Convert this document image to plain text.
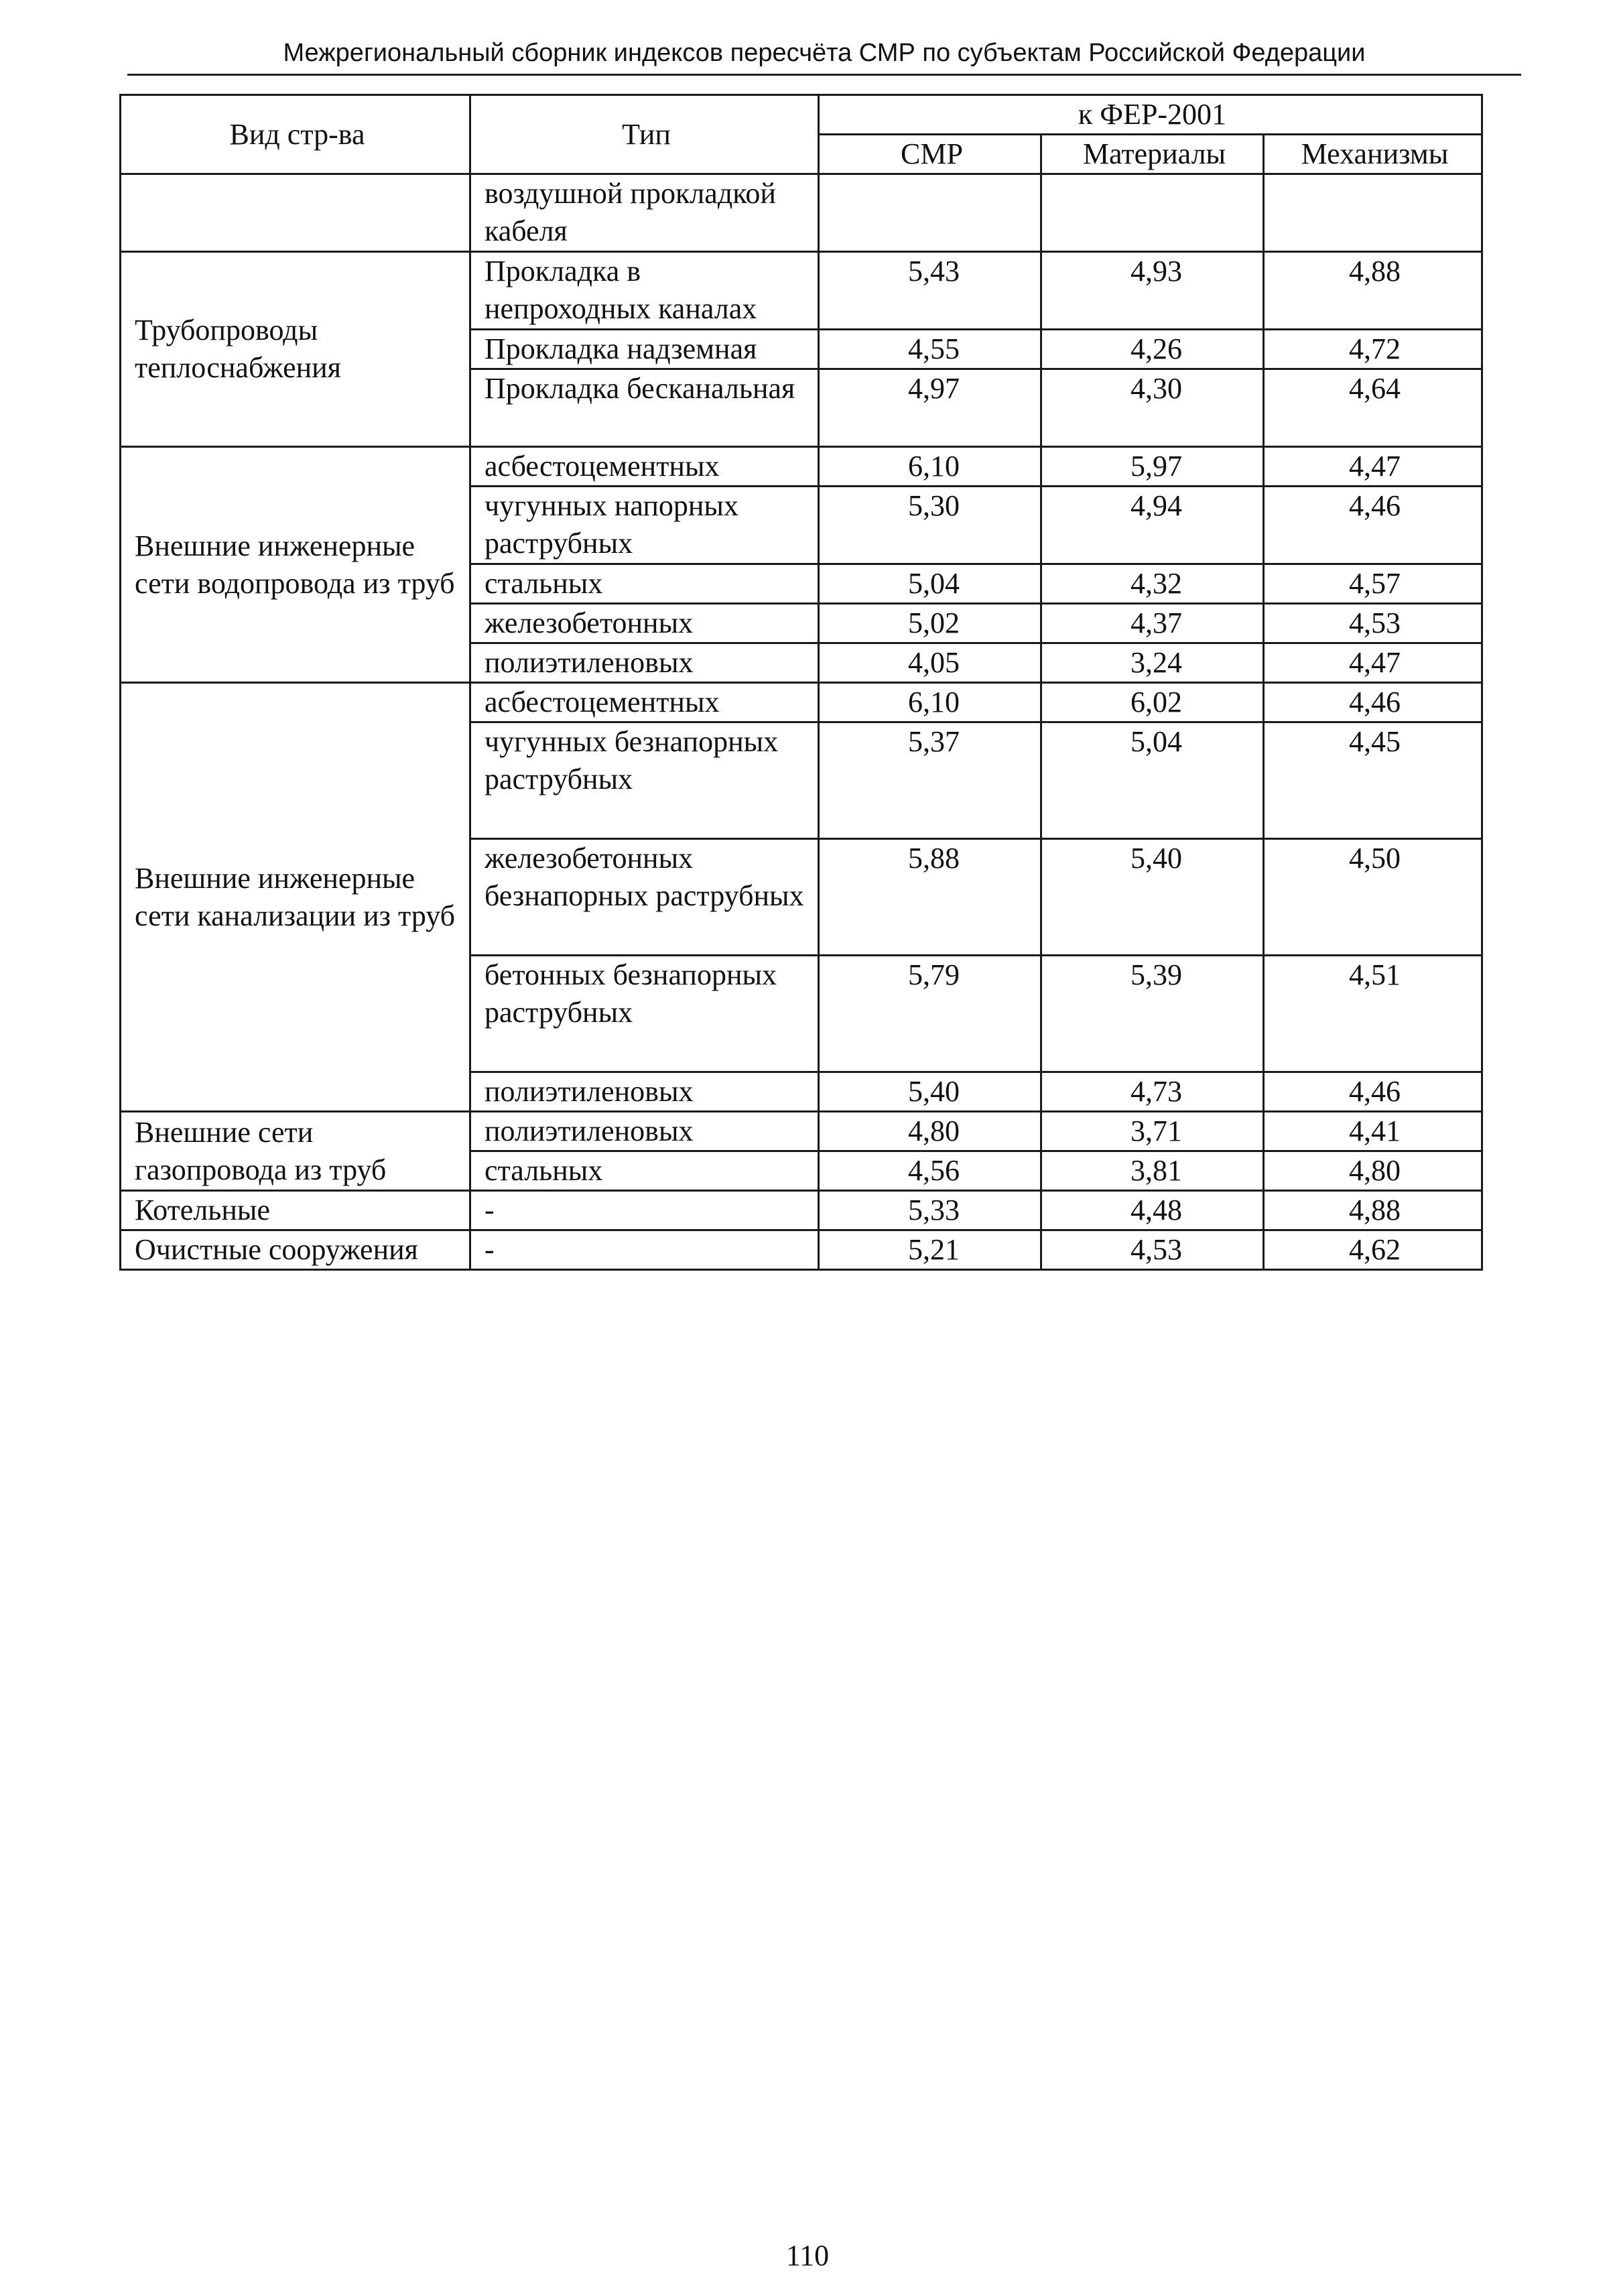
Межрегиональный сборник индексов пересчёта СМР по субъектам Российской Федерации
Вид стр-ва	Тип	к ФЕР-2001		
		СМР	Материалы	Механизмы
	воздушной прокладкой кабеля			
Трубопроводы теплоснабжения	Прокладка в непроходных каналах	5,43	4,93	4,88
	Прокладка надземная	4,55	4,26	4,72
	Прокладка бесканальная	4,97	4,30	4,64
Внешние инженерные сети водопровода из труб	асбестоцементных	6,10	5,97	4,47
	чугунных напорных раструбных	5,30	4,94	4,46
	стальных	5,04	4,32	4,57
	железобетонных	5,02	4,37	4,53
	полиэтиленовых	4,05	3,24	4,47
Внешние инженерные сети канализации из труб	асбестоцементных	6,10	6,02	4,46
	чугунных безнапорных раструбных	5,37	5,04	4,45
	железобетонных безнапорных раструбных	5,88	5,40	4,50
	бетонных безнапорных раструбных	5,79	5,39	4,51
	полиэтиленовых	5,40	4,73	4,46
Внешние сети газопровода из труб	полиэтиленовых	4,80	3,71	4,41
	стальных	4,56	3,81	4,80
Котельные	-	5,33	4,48	4,88
Очистные сооружения	-	5,21	4,53	4,62
110
